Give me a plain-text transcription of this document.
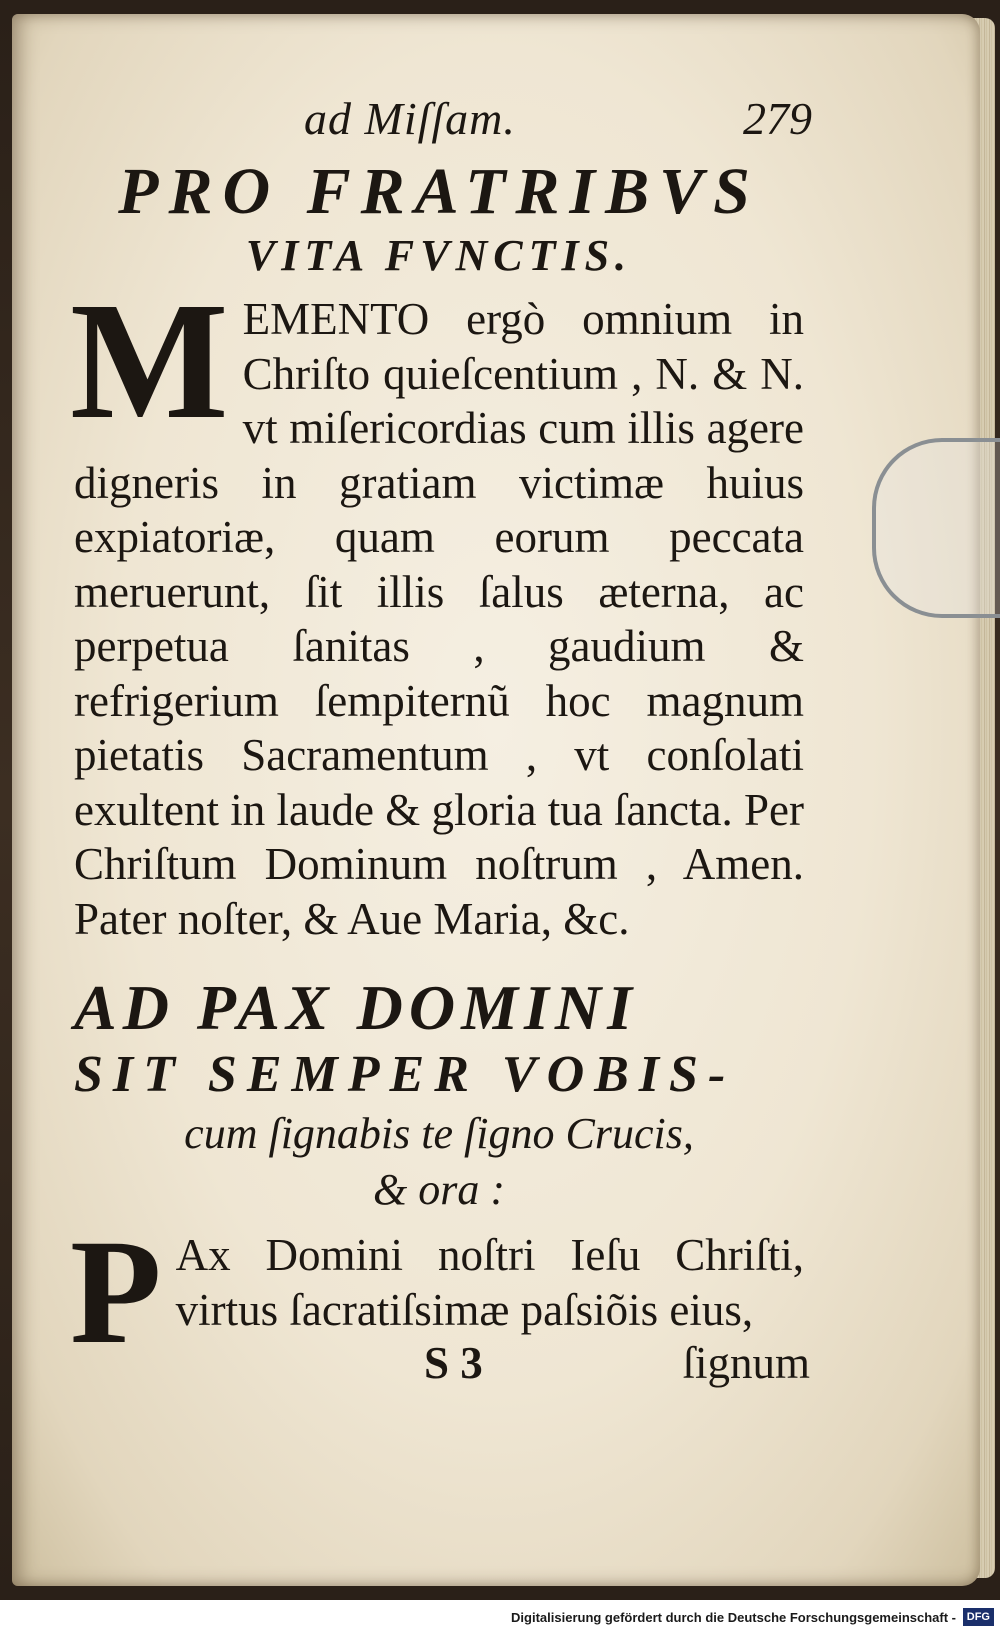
ad Miſſam.	279
PRO FRATRIBVS
VITA FVNCTIS.

M EMENTO ergò omnium in Chriſto quieſcentium , N. & N. vt miſericordias cum illis agere digneris in gratiam victimæ huius expiatoriæ, quam eorum peccata meruerunt, ſit illis ſalus æterna, ac perpetua ſanitas , gaudium & refrigerium ſempiternũ hoc magnum pietatis Sacramentum , vt conſolati exultent in laude & gloria tua ſancta. Per Chriſtum Dominum noſtrum , Amen. Pater noſter, & Aue Maria, &c.

AD PAX DOMINI
SIT SEMPER VOBIS-
cum ſignabis te ſigno Crucis,
& ora :

P Ax Domini noſtri Ieſu Chriſti, virtus ſacratiſsimæ paſsiõis eius,

S 3	ſignum
Digitalisierung gefördert durch die Deutsche Forschungsgemeinschaft - DFG
